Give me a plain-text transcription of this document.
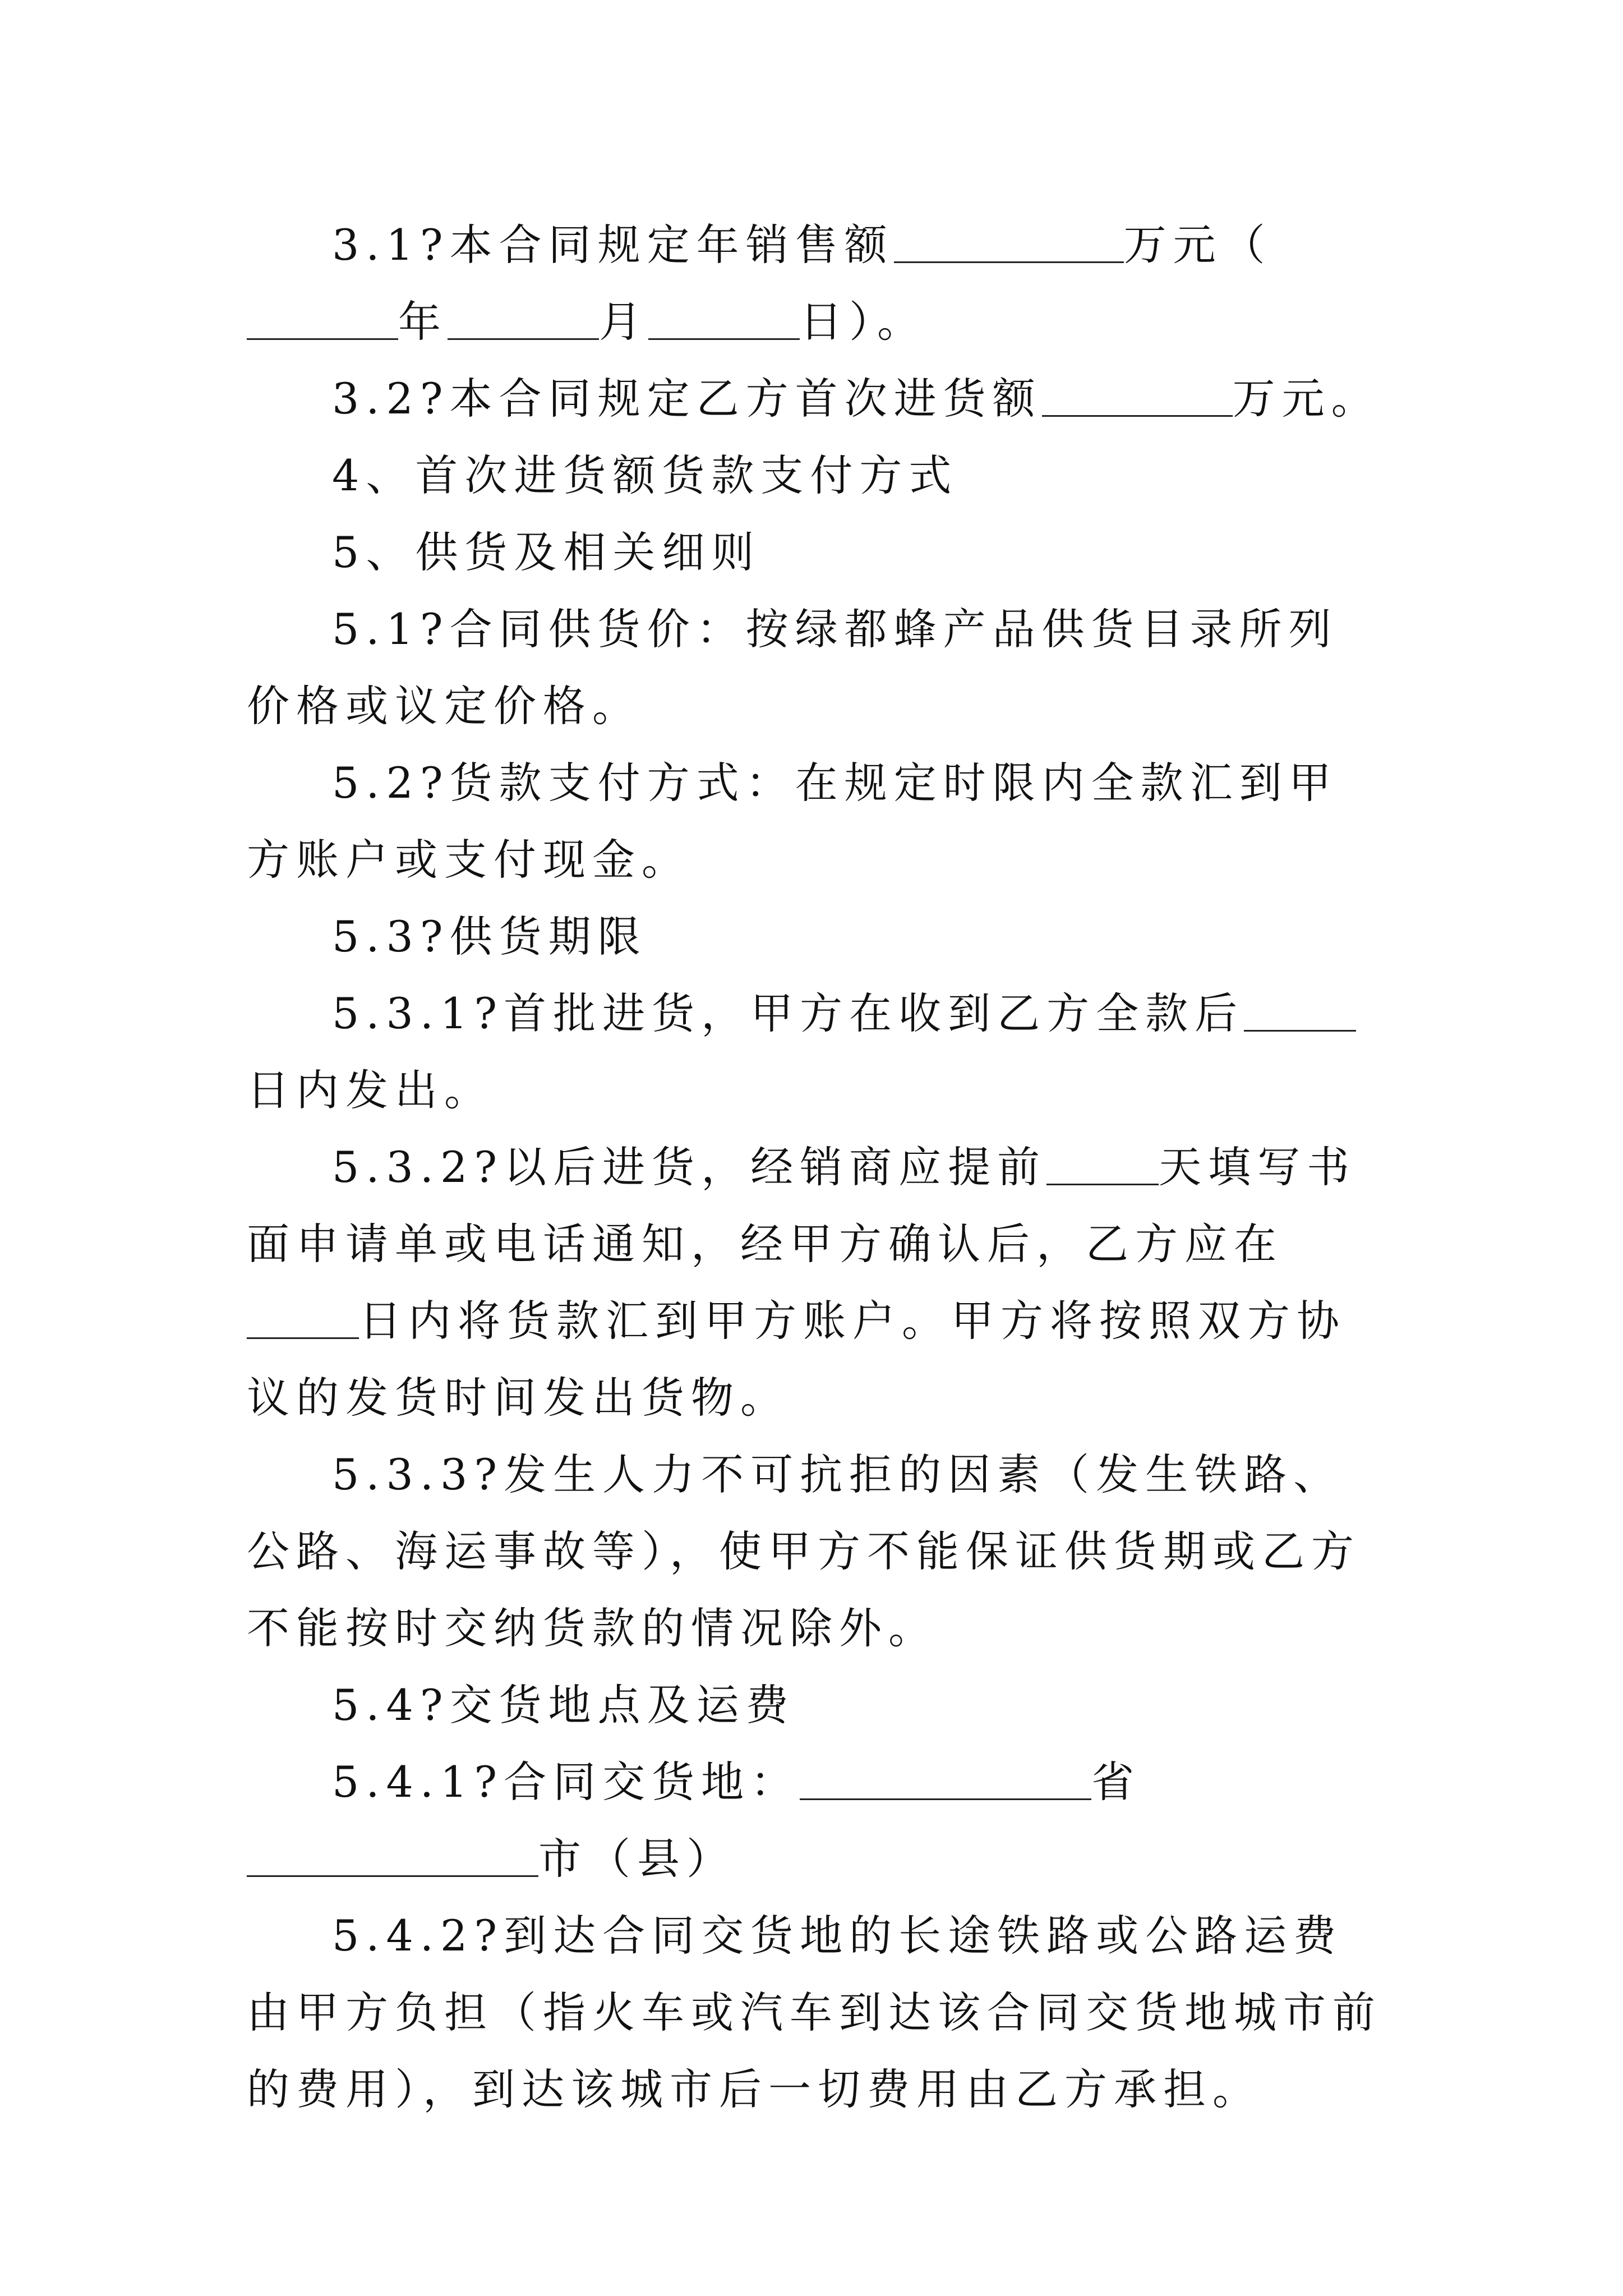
3.1?本合同规定年销售额	万元（年	月	日）。

3.2?本合同规定乙方首次进货额	万元。

4、首次进货额货款支付方式

5、供货及相关细则

5.1?合同供货价：按绿都蜂产品供货目录所列价格或议定价格。

5.2?货款支付方式：在规定时限内全款汇到甲方账户或支付现金。

5.3?供货期限

5.3.1?首批进货，甲方在收到乙方全款后日内发出。

5.3.2?以后进货，经销商应提前	天填写书面申请单或电话通知，经甲方确认后，乙方应在日内将货款汇到甲方账户。甲方将按照双方协议的发货时间发出货物。

5.3.3?发生人力不可抗拒的因素（发生铁路、公路、海运事故等），使甲方不能保证供货期或乙方不能按时交纳货款的情况除外。

5.4?交货地点及运费

5.4.1?合同交货地：	省市（县）

5.4.2?到达合同交货地的长途铁路或公路运费由甲方负担（指火车或汽车到达该合同交货地城市前的费用），到达该城市后一切费用由乙方承担。
